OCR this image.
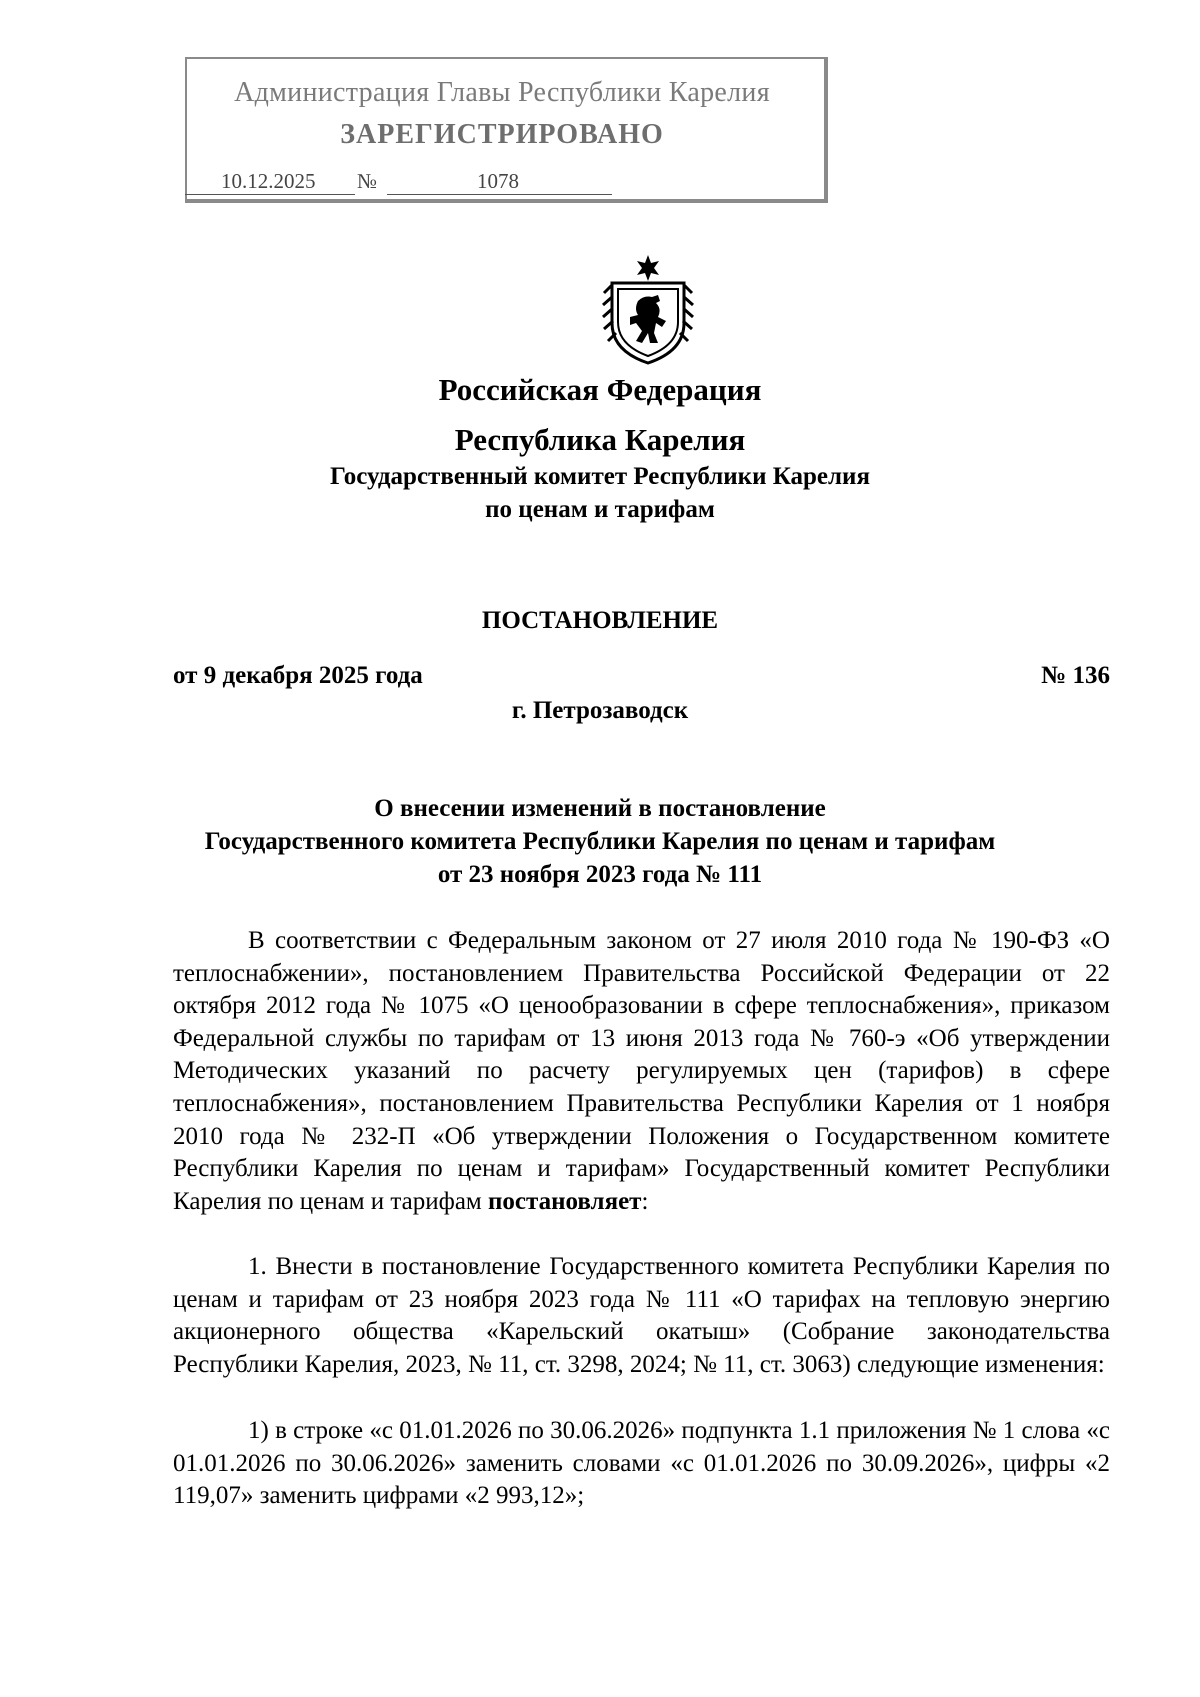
Администрация Главы Республики Карелия
ЗАРЕГИСТРИРОВАНО
10.12.2025 №	1078
Российская Федерация
Республика Карелия
Государственный комитет Республики Карелия
по ценам и тарифам
ПОСТАНОВЛЕНИЕ
от 9 декабря 2025 года	№ 136
г. Петрозаводск
О внесении изменений в постановление
Государственного комитета Республики Карелия по ценам и тарифам
от 23 ноября 2023 года № 111

В соответствии с Федеральным законом от 27 июля 2010 года № 190-ФЗ «О теплоснабжении», постановлением Правительства Российской Федерации от 22 октября 2012 года № 1075 «О ценообразовании в сфере теплоснабжения», приказом Федеральной службы по тарифам от 13 июня 2013 года № 760-э «Об утверждении Методических указаний по расчету регулируемых цен (тарифов) в сфере теплоснабжения», постановлением Правительства Республики Карелия от 1 ноября 2010 года № 232-П «Об утверждении Положения о Государственном комитете Республики Карелия по ценам и тарифам» Государственный комитет Республики Карелия по ценам и тарифам постановляет:

1. Внести в постановление Государственного комитета Республики Карелия по ценам и тарифам от 23 ноября 2023 года № 111 «О тарифах на тепловую энергию акционерного общества «Карельский окатыш» (Собрание законодательства Республики Карелия, 2023, № 11, ст. 3298, 2024; № 11, ст. 3063) следующие изменения:

1) в строке «с 01.01.2026 по 30.06.2026» подпункта 1.1 приложения № 1 слова «с 01.01.2026 по 30.06.2026» заменить словами «с 01.01.2026 по 30.09.2026», цифры «2 119,07» заменить цифрами «2 993,12»;
